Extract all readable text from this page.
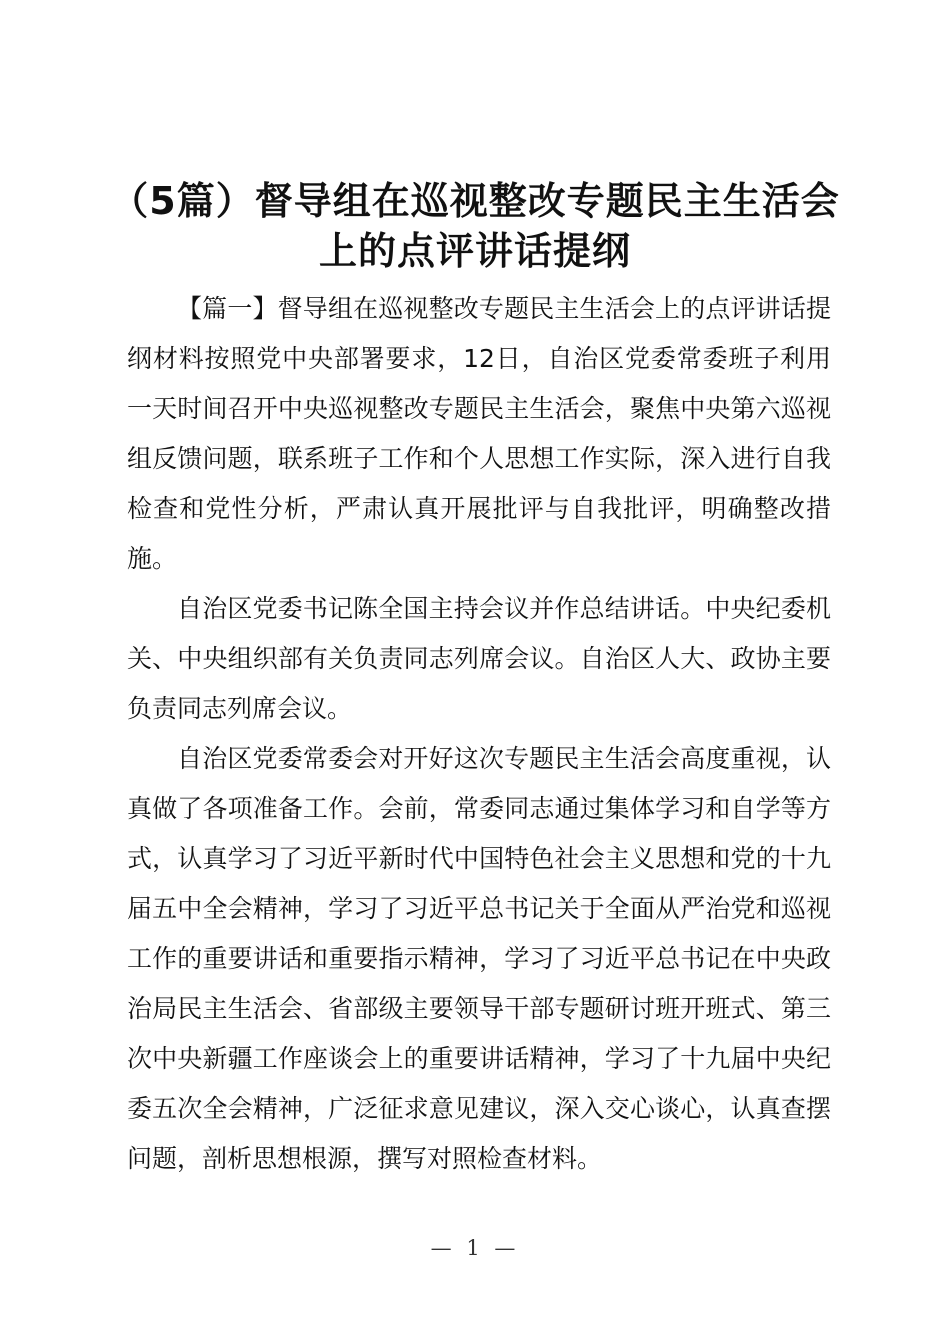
（5篇）督导组在巡视整改专题民主生活会上的点评讲话提纲

【篇一】督导组在巡视整改专题民主生活会上的点评讲话提纲材料按照党中央部署要求，12日，自治区党委常委班子利用一天时间召开中央巡视整改专题民主生活会，聚焦中央第六巡视组反馈问题，联系班子工作和个人思想工作实际，深入进行自我检查和党性分析，严肃认真开展批评与自我批评，明确整改措施。

自治区党委书记陈全国主持会议并作总结讲话。中央纪委机关、中央组织部有关负责同志列席会议。自治区人大、政协主要负责同志列席会议。

自治区党委常委会对开好这次专题民主生活会高度重视，认真做了各项准备工作。会前，常委同志通过集体学习和自学等方式，认真学习了习近平新时代中国特色社会主义思想和党的十九届五中全会精神，学习了习近平总书记关于全面从严治党和巡视工作的重要讲话和重要指示精神，学习了习近平总书记在中央政治局民主生活会、省部级主要领导干部专题研讨班开班式、第三次中央新疆工作座谈会上的重要讲话精神，学习了十九届中央纪委五次全会精神，广泛征求意见建议，深入交心谈心，认真查摆问题，剖析思想根源，撰写对照检查材料。

— 1 —
